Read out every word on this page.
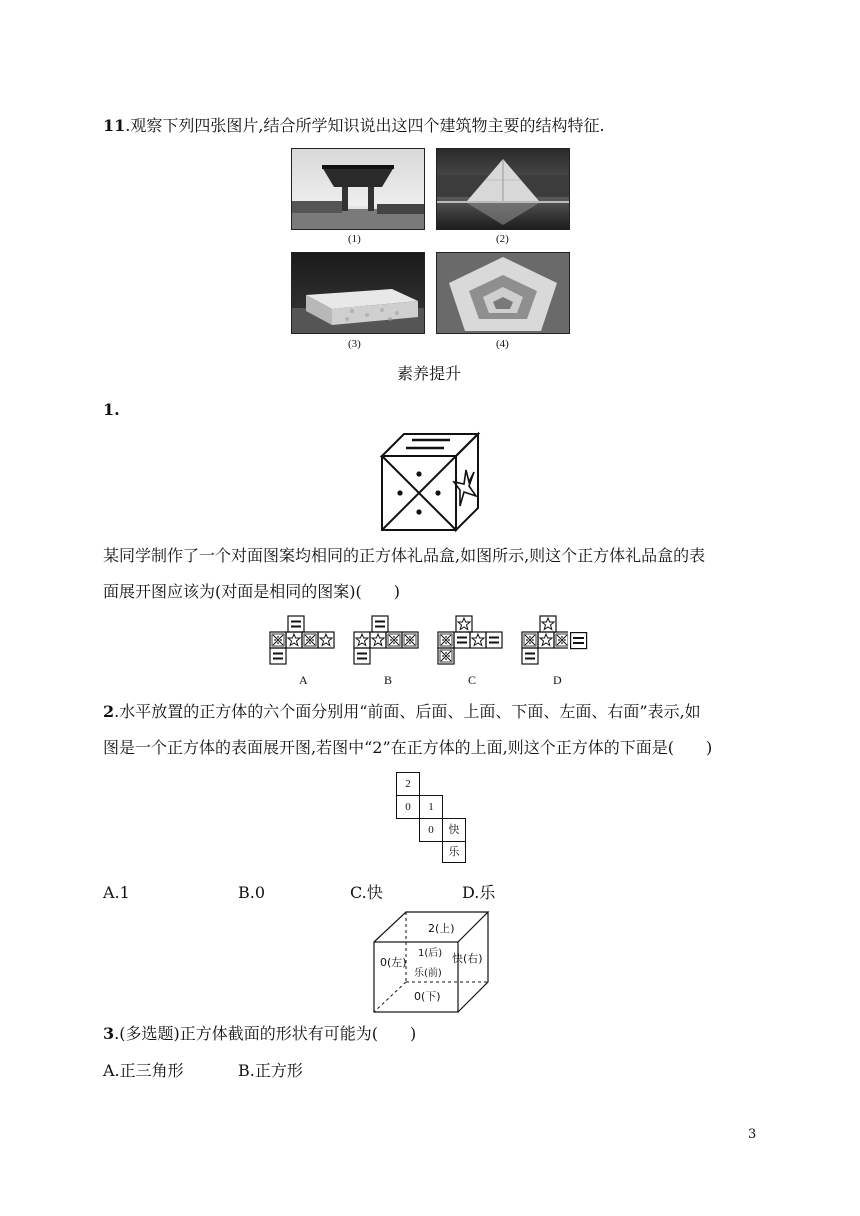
11.观察下列四张图片,结合所学知识说出这四个建筑物主要的结构特征.
(1)	(2)
(3)	(4)
素养提升
1.
某同学制作了一个对面图案均相同的正方体礼品盒,如图所示,则这个正方体礼品盒的表
面展开图应该为(对面是相同的图案)(　　)
A	B	C	D
2.水平放置的正方体的六个面分别用“前面、后面、上面、下面、左面、右面”表示,如
图是一个正方体的表面展开图,若图中“2”在正方体的上面,则这个正方体的下面是(　　)
2
0	1
0	快
乐
A.1	B.0	C.快	D.乐
2(上)
1(后)
乐(前)
0(左)	快(右)
0(下)
3.(多选题)正方体截面的形状有可能为(　　)
A.正三角形	B.正方形
3
